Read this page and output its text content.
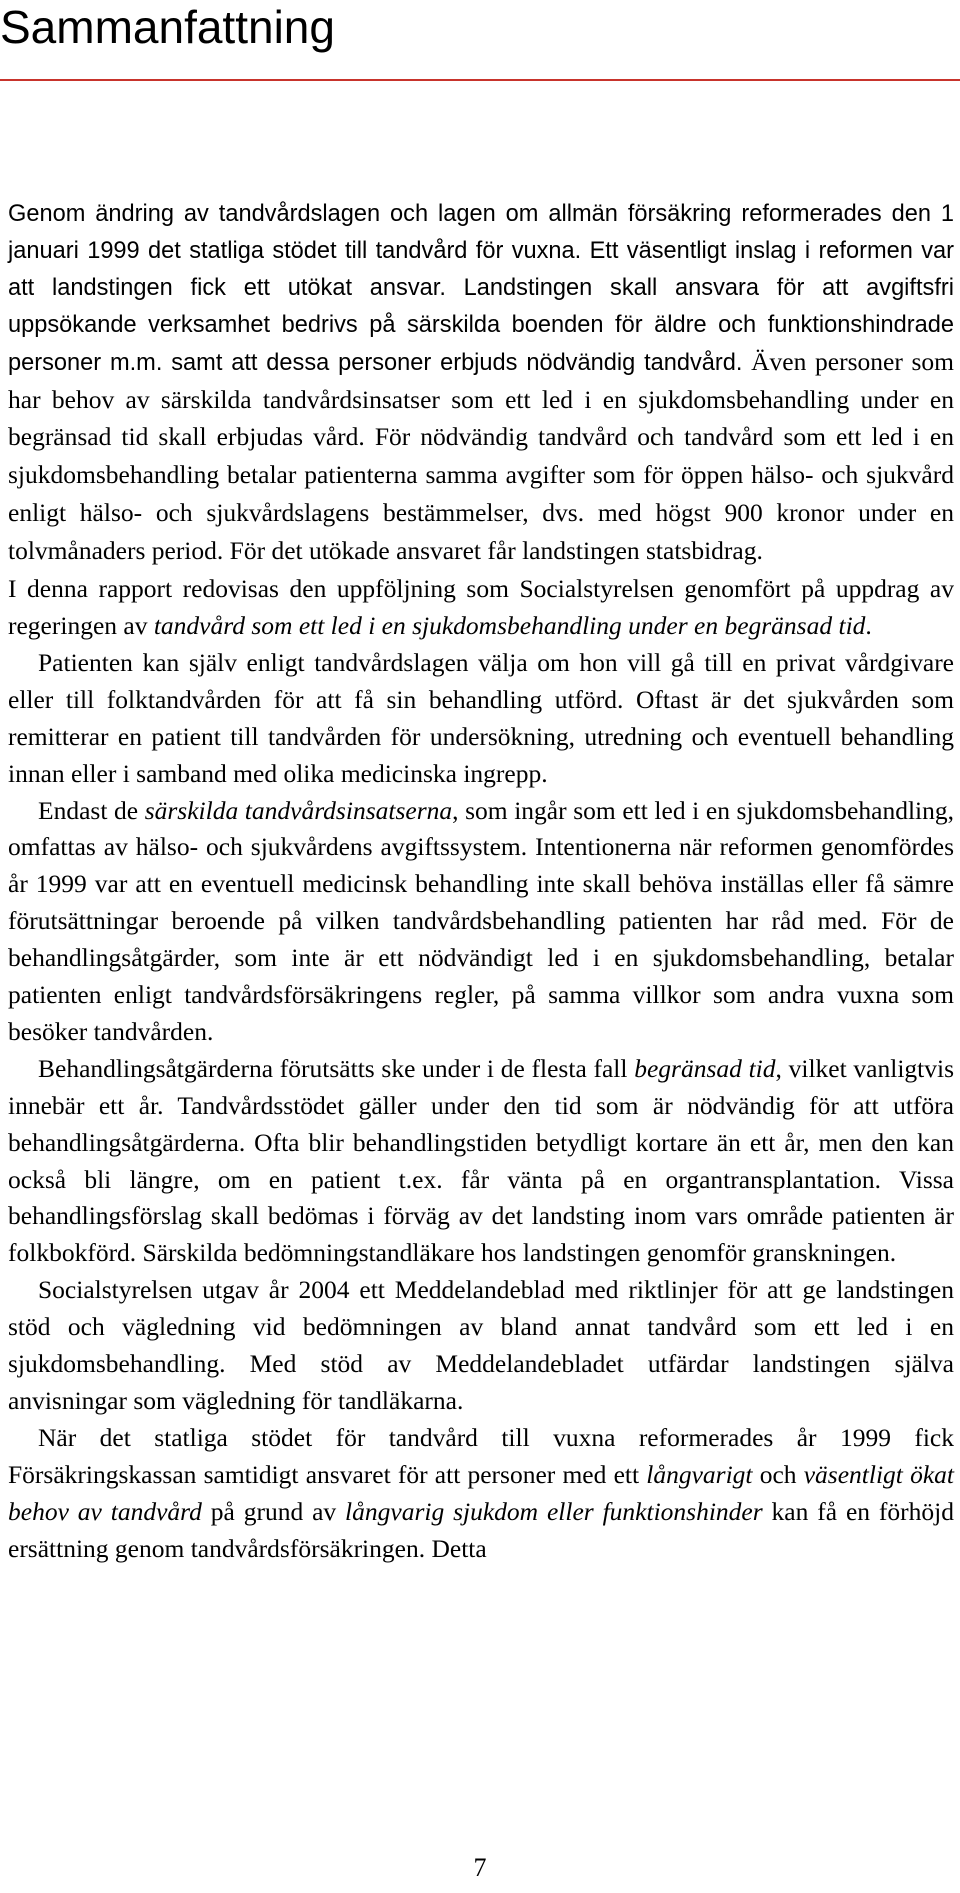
Sammanfattning

Genom ändring av tandvårdslagen och lagen om allmän försäkring reformerades den 1 januari 1999 det statliga stödet till tandvård för vuxna. Ett väsentligt inslag i reformen var att landstingen fick ett utökat ansvar. Landstingen skall ansvara för att avgiftsfri uppsökande verksamhet bedrivs på särskilda boenden för äldre och funktionshindrade personer m.m. samt att dessa personer erbjuds nödvändig tandvård. Även personer som har behov av särskilda tandvårdsinsatser som ett led i en sjukdomsbehandling under en begränsad tid skall erbjudas vård. För nödvändig tandvård och tandvård som ett led i en sjukdomsbehandling betalar patienterna samma avgifter som för öppen hälso- och sjukvård enligt hälso- och sjukvårdslagens bestämmelser, dvs. med högst 900 kronor under en tolvmånaders period. För det utökade ansvaret får landstingen statsbidrag.

I denna rapport redovisas den uppföljning som Socialstyrelsen genomfört på uppdrag av regeringen av tandvård som ett led i en sjukdomsbehandling under en begränsad tid.

Patienten kan själv enligt tandvårdslagen välja om hon vill gå till en privat vårdgivare eller till folktandvården för att få sin behandling utförd. Oftast är det sjukvården som remitterar en patient till tandvården för undersökning, utredning och eventuell behandling innan eller i samband med olika medicinska ingrepp.

Endast de särskilda tandvårdsinsatserna, som ingår som ett led i en sjukdomsbehandling, omfattas av hälso- och sjukvårdens avgiftssystem. Intentionerna när reformen genomfördes år 1999 var att en eventuell medicinsk behandling inte skall behöva inställas eller få sämre förutsättningar beroende på vilken tandvårdsbehandling patienten har råd med. För de behandlingsåtgärder, som inte är ett nödvändigt led i en sjukdomsbehandling, betalar patienten enligt tandvårdsförsäkringens regler, på samma villkor som andra vuxna som besöker tandvården.

Behandlingsåtgärderna förutsätts ske under i de flesta fall begränsad tid, vilket vanligtvis innebär ett år. Tandvårdsstödet gäller under den tid som är nödvändig för att utföra behandlingsåtgärderna. Ofta blir behandlingstiden betydligt kortare än ett år, men den kan också bli längre, om en patient t.ex. får vänta på en organtransplantation. Vissa behandlingsförslag skall bedömas i förväg av det landsting inom vars område patienten är folkbokförd. Särskilda bedömningstandläkare hos landstingen genomför granskningen.

Socialstyrelsen utgav år 2004 ett Meddelandeblad med riktlinjer för att ge landstingen stöd och vägledning vid bedömningen av bland annat tandvård som ett led i en sjukdomsbehandling. Med stöd av Meddelandebladet utfärdar landstingen själva anvisningar som vägledning för tandläkarna.

När det statliga stödet för tandvård till vuxna reformerades år 1999 fick Försäkringskassan samtidigt ansvaret för att personer med ett långvarigt och väsentligt ökat behov av tandvård på grund av långvarig sjukdom eller funktionshinder kan få en förhöjd ersättning genom tandvårdsförsäkringen. Detta

7
